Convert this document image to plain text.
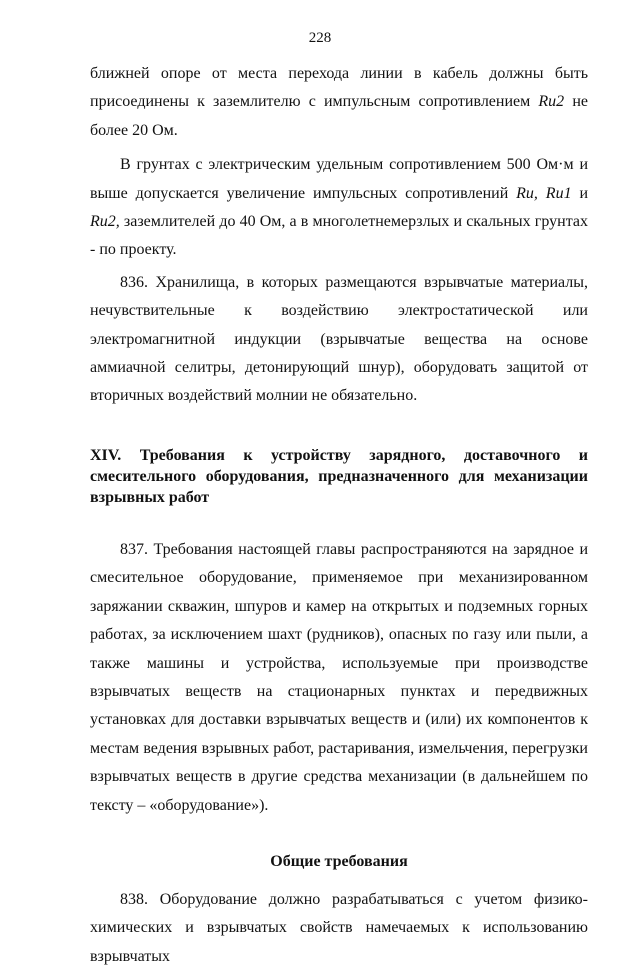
228

ближней опоре от места перехода линии в кабель должны быть присоединены к заземлителю с импульсным сопротивлением Rи2 не более 20 Ом.

В грунтах с электрическим удельным сопротивлением 500 Ом·м и выше допускается увеличение импульсных сопротивлений Rи, Rи1 и Rи2, заземлителей до 40 Ом, а в многолетнемерзлых и скальных грунтах - по проекту.

836. Хранилища, в которых размещаются взрывчатые материалы, нечувствительные к воздействию электростатической или электромагнитной индукции (взрывчатые вещества на основе аммиачной селитры, детонирующий шнур), оборудовать защитой от вторичных воздействий молнии не обязательно.

XIV. Требования к устройству зарядного, доставочного и смесительного оборудования, предназначенного для механизации взрывных работ

837. Требования настоящей главы распространяются на зарядное и смесительное оборудование, применяемое при механизированном заряжании скважин, шпуров и камер на открытых и подземных горных работах, за исключением шахт (рудников), опасных по газу или пыли, а также машины и устройства, используемые при производстве взрывчатых веществ на стационарных пунктах и передвижных установках для доставки взрывчатых веществ и (или) их компонентов к местам ведения взрывных работ, растаривания, измельчения, перегрузки взрывчатых веществ в другие средства механизации (в дальнейшем по тексту – «оборудование»).

Общие требования

838. Оборудование должно разрабатываться с учетом физико-химических и взрывчатых свойств намечаемых к использованию взрывчатых
